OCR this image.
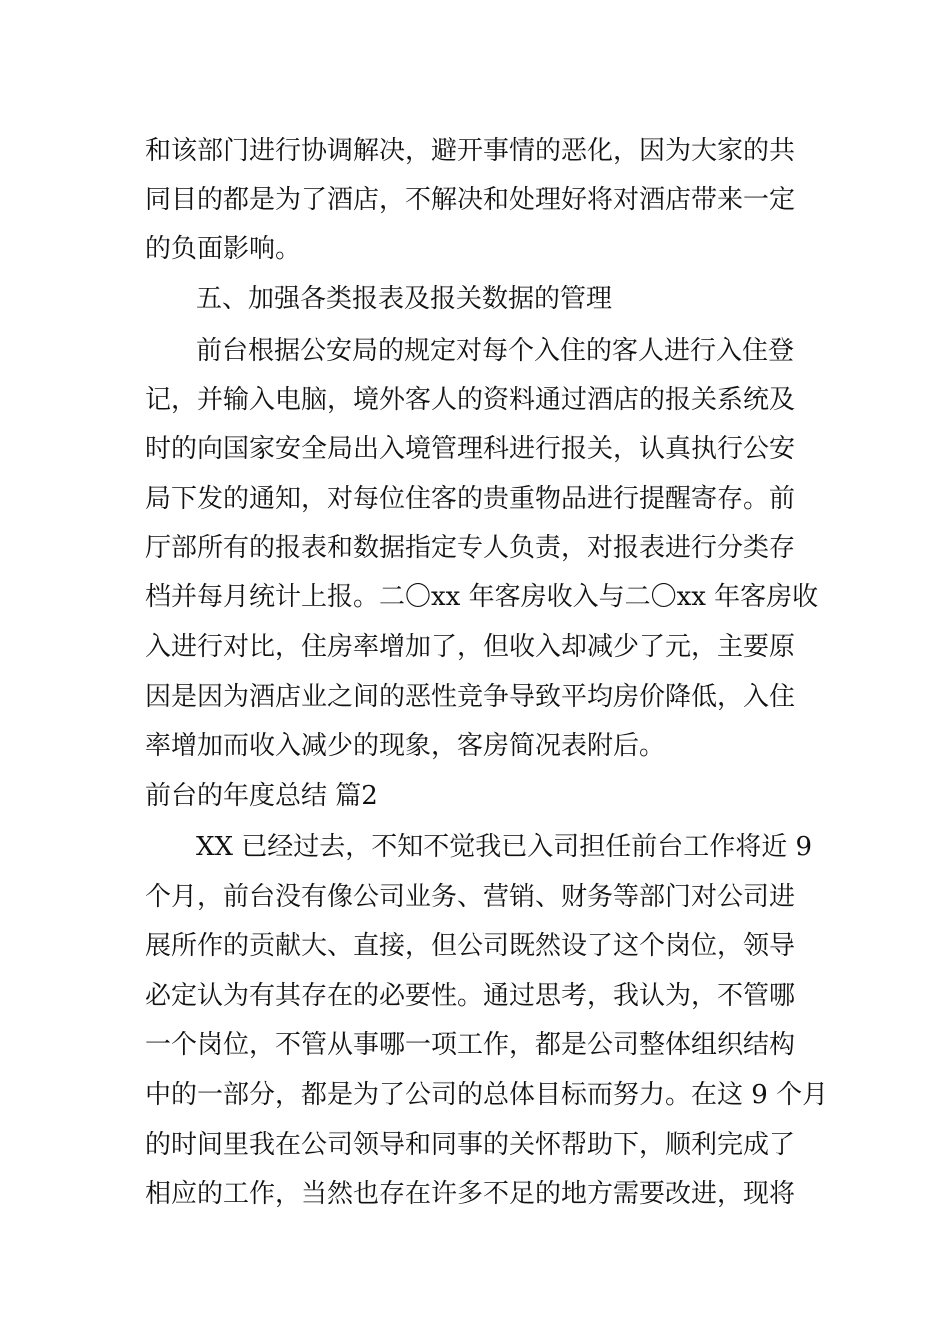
和该部门进行协调解决，避开事情的恶化，因为大家的共
同目的都是为了酒店，不解决和处理好将对酒店带来一定
的负面影响。
五、加强各类报表及报关数据的管理
前台根据公安局的规定对每个入住的客人进行入住登
记，并输入电脑，境外客人的资料通过酒店的报关系统及
时的向国家安全局出入境管理科进行报关，认真执行公安
局下发的通知，对每位住客的贵重物品进行提醒寄存。前
厅部所有的报表和数据指定专人负责，对报表进行分类存
档并每月统计上报。二〇xx 年客房收入与二〇xx 年客房收
入进行对比，住房率增加了，但收入却减少了元，主要原
因是因为酒店业之间的恶性竞争导致平均房价降低，入住
率增加而收入减少的现象，客房简况表附后。
前台的年度总结 篇2
XX 已经过去，不知不觉我已入司担任前台工作将近 9
个月，前台没有像公司业务、营销、财务等部门对公司进
展所作的贡献大、直接，但公司既然设了这个岗位，领导
必定认为有其存在的必要性。通过思考，我认为，不管哪
一个岗位，不管从事哪一项工作，都是公司整体组织结构
中的一部分，都是为了公司的总体目标而努力。在这 9 个月
的时间里我在公司领导和同事的关怀帮助下，顺利完成了
相应的工作，当然也存在许多不足的地方需要改进，现将
